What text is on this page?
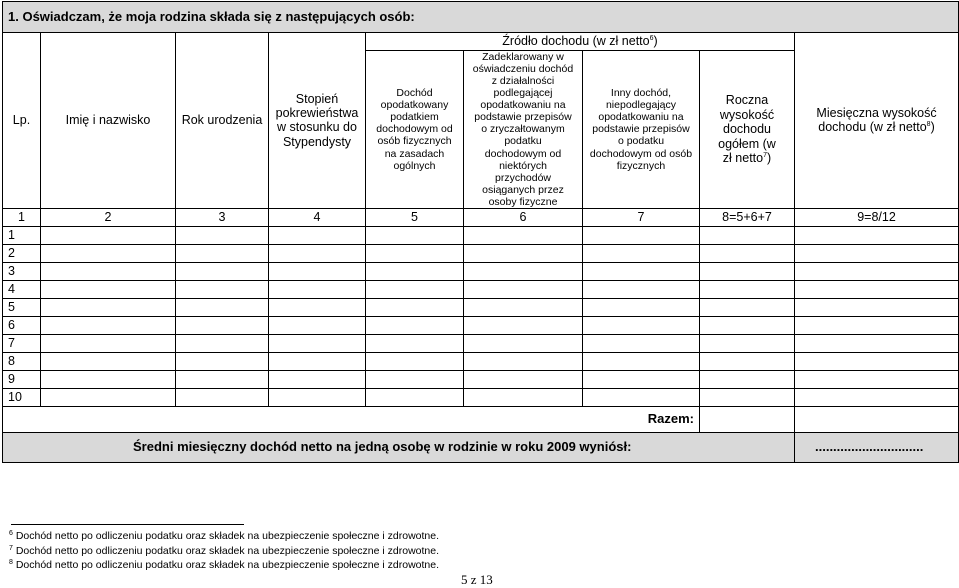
1. Oświadczam, że moja rodzina składa się z następujących osób:								
Lp.	Imię i nazwisko	Rok urodzenia	Stopień pokrewieństwa w stosunku do Stypendysty	Źródło dochodu (w zł netto$^6$)				Miesięczna wysokość dochodu (w zł netto$^8$)
				Dochód opodatkowany podatkiem dochodowym od osób fizycznych na zasadach ogólnych	Zadeklarowany w oświadczeniu dochód z działalności podlegającej opodatkowaniu na podstawie przepisów o zryczałtowanym podatku dochodowym od niektórych przychodów osiąganych przez osoby fizyczne	Inny dochód, niepodlegający opodatkowaniu na podstawie przepisów o podatku dochodowym od osób fizycznych	Roczna wysokość dochodu ogółem (w zł netto$^7$)	
1	2	3	4	5	6	7	8=5+6+7	9=8/12
1								
2								
3								
4								
5								
6								
7								
8								
9								
10								
Razem:								
Średni miesięczny dochód netto na jedną osobę w rodzinie w roku 2009 wyniósł:								..............................
$^6$ Dochód netto po odliczeniu podatku oraz składek na ubezpieczenie społeczne i zdrowotne.
$^7$ Dochód netto po odliczeniu podatku oraz składek na ubezpieczenie społeczne i zdrowotne.
$^8$ Dochód netto po odliczeniu podatku oraz składek na ubezpieczenie społeczne i zdrowotne.
5 z 13
